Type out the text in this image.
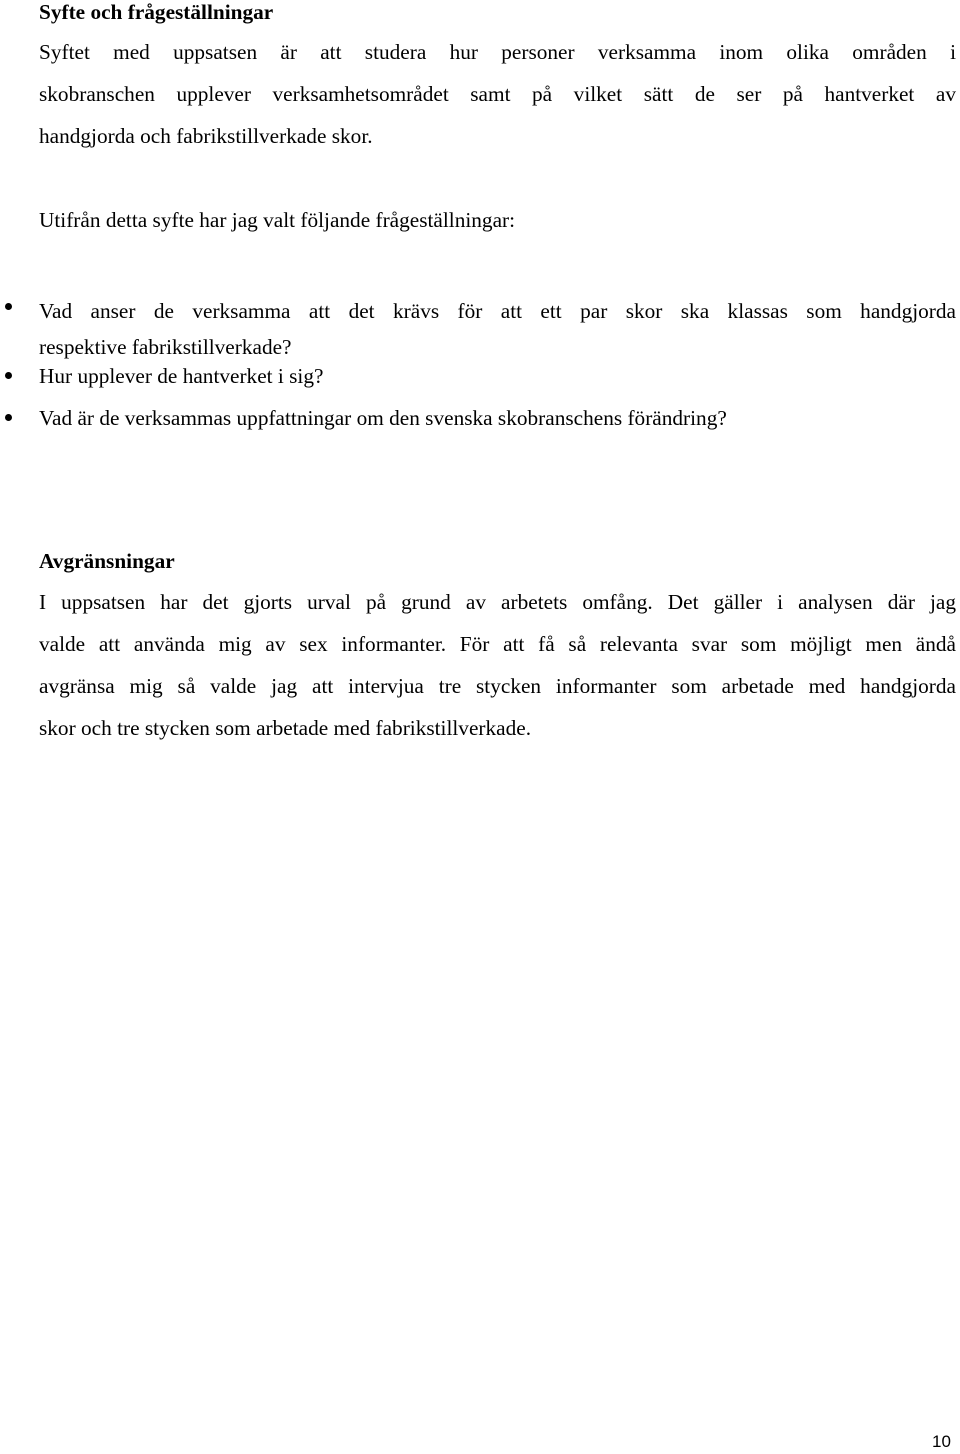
Syfte och frågeställningar
Syftet med uppsatsen är att studera hur personer verksamma inom olika områden i
skobranschen upplever verksamhetsområdet samt på vilket sätt de ser på hantverket av
handgjorda och fabrikstillverkade skor.
Utifrån detta syfte har jag valt följande frågeställningar:
Vad anser de verksamma att det krävs för att ett par skor ska klassas som handgjorda
respektive fabrikstillverkade?
Hur upplever de hantverket i sig?
Vad är de verksammas uppfattningar om den svenska skobranschens förändring?
Avgränsningar
I uppsatsen har det gjorts urval på grund av arbetets omfång. Det gäller i analysen där jag
valde att använda mig av sex informanter. För att få så relevanta svar som möjligt men ändå
avgränsa mig så valde jag att intervjua tre stycken informanter som arbetade med handgjorda
skor och tre stycken som arbetade med fabrikstillverkade.
10
